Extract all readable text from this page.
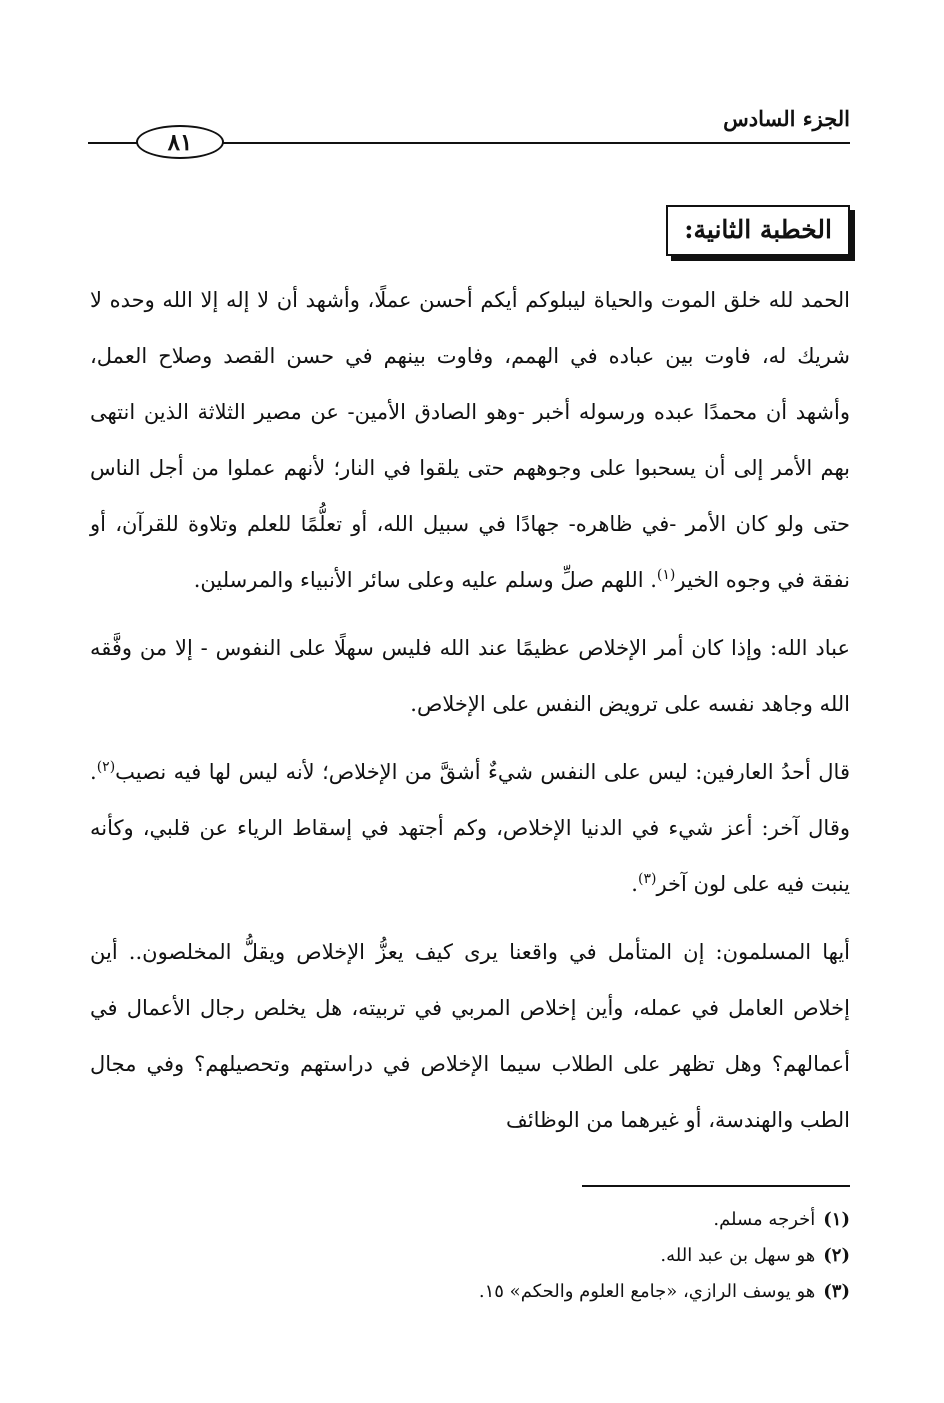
الجزء السادس
٨١
الخطبة الثانية:

الحمد لله خلق الموت والحياة ليبلوكم أيكم أحسن عملًا، وأشهد أن لا إله إلا الله وحده لا شريك له، فاوت بين عباده في الهمم، وفاوت بينهم في حسن القصد وصلاح العمل، وأشهد أن محمدًا عبده ورسوله أخبر -وهو الصادق الأمين- عن مصير الثلاثة الذين انتهى بهم الأمر إلى أن يسحبوا على وجوههم حتى يلقوا في النار؛ لأنهم عملوا من أجل الناس حتى ولو كان الأمر -في ظاهره- جهادًا في سبيل الله، أو تعلُّمًا للعلم وتلاوة للقرآن، أو نفقة في وجوه الخير$^{(١)}$. اللهم صلِّ وسلم عليه وعلى سائر الأنبياء والمرسلين.

عباد الله: وإذا كان أمر الإخلاص عظيمًا عند الله فليس سهلًا على النفوس - إلا من وفَّقه الله وجاهد نفسه على ترويض النفس على الإخلاص.

قال أحدُ العارفين: ليس على النفس شيءٌ أشقَّ من الإخلاص؛ لأنه ليس لها فيه نصيب$^{(٢)}$. وقال آخر: أعز شيء في الدنيا الإخلاص، وكم أجتهد في إسقاط الرياء عن قلبي، وكأنه ينبت فيه على لون آخر$^{(٣)}$.

أيها المسلمون: إن المتأمل في واقعنا يرى كيف يعزُّ الإخلاص ويقلُّ المخلصون.. أين إخلاص العامل في عمله، وأين إخلاص المربي في تربيته، هل يخلص رجال الأعمال في أعمالهم؟ وهل تظهر على الطلاب سيما الإخلاص في دراستهم وتحصيلهم؟ وفي مجال الطب والهندسة، أو غيرهما من الوظائف

(١)أخرجه مسلم.
(٢)هو سهل بن عبد الله.
(٣)هو يوسف الرازي، «جامع العلوم والحكم» ١٥.
